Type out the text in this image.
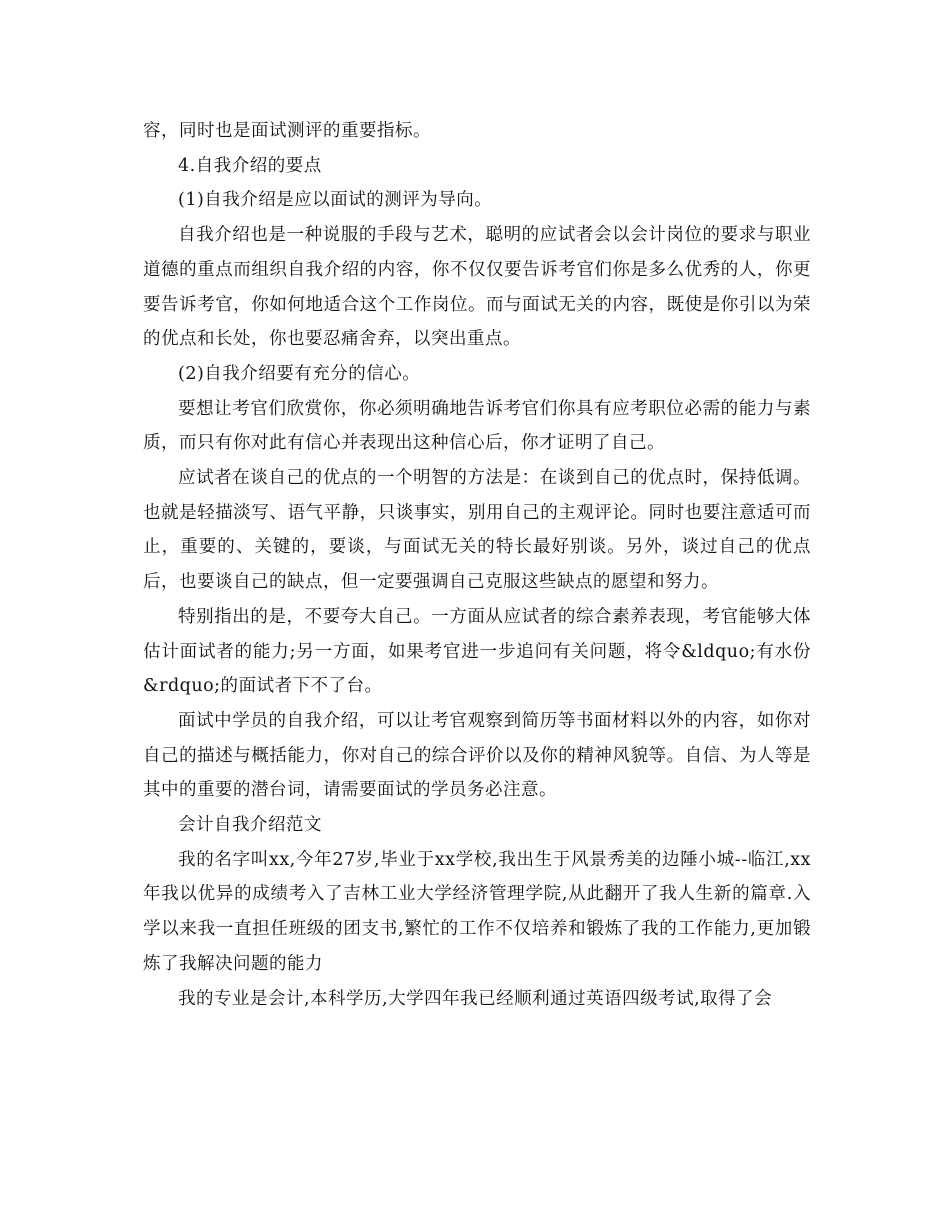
容，同时也是面试测评的重要指标。

4.自我介绍的要点

(1)自我介绍是应以面试的测评为导向。

自我介绍也是一种说服的手段与艺术，聪明的应试者会以会计岗位的要求与职业道德的重点而组织自我介绍的内容，你不仅仅要告诉考官们你是多么优秀的人，你更要告诉考官，你如何地适合这个工作岗位。而与面试无关的内容，既使是你引以为荣的优点和长处，你也要忍痛舍弃，以突出重点。

(2)自我介绍要有充分的信心。

要想让考官们欣赏你，你必须明确地告诉考官们你具有应考职位必需的能力与素质，而只有你对此有信心并表现出这种信心后，你才证明了自己。

应试者在谈自己的优点的一个明智的方法是：在谈到自己的优点时，保持低调。也就是轻描淡写、语气平静，只谈事实，别用自己的主观评论。同时也要注意适可而止，重要的、关键的，要谈，与面试无关的特长最好别谈。另外，谈过自己的优点后，也要谈自己的缺点，但一定要强调自己克服这些缺点的愿望和努力。

特别指出的是，不要夸大自己。一方面从应试者的综合素养表现，考官能够大体估计面试者的能力;另一方面，如果考官进一步追问有关问题，将令&ldquo;有水份&rdquo;的面试者下不了台。

面试中学员的自我介绍，可以让考官观察到简历等书面材料以外的内容，如你对自己的描述与概括能力，你对自己的综合评价以及你的精神风貌等。自信、为人等是其中的重要的潜台词，请需要面试的学员务必注意。

会计自我介绍范文

我的名字叫xx,今年27岁,毕业于xx学校,我出生于风景秀美的边陲小城--临江,xx年我以优异的成绩考入了吉林工业大学经济管理学院,从此翻开了我人生新的篇章.入学以来我一直担任班级的团支书,繁忙的工作不仅培养和锻炼了我的工作能力,更加锻炼了我解决问题的能力

我的专业是会计,本科学历,大学四年我已经顺利通过英语四级考试,取得了会
